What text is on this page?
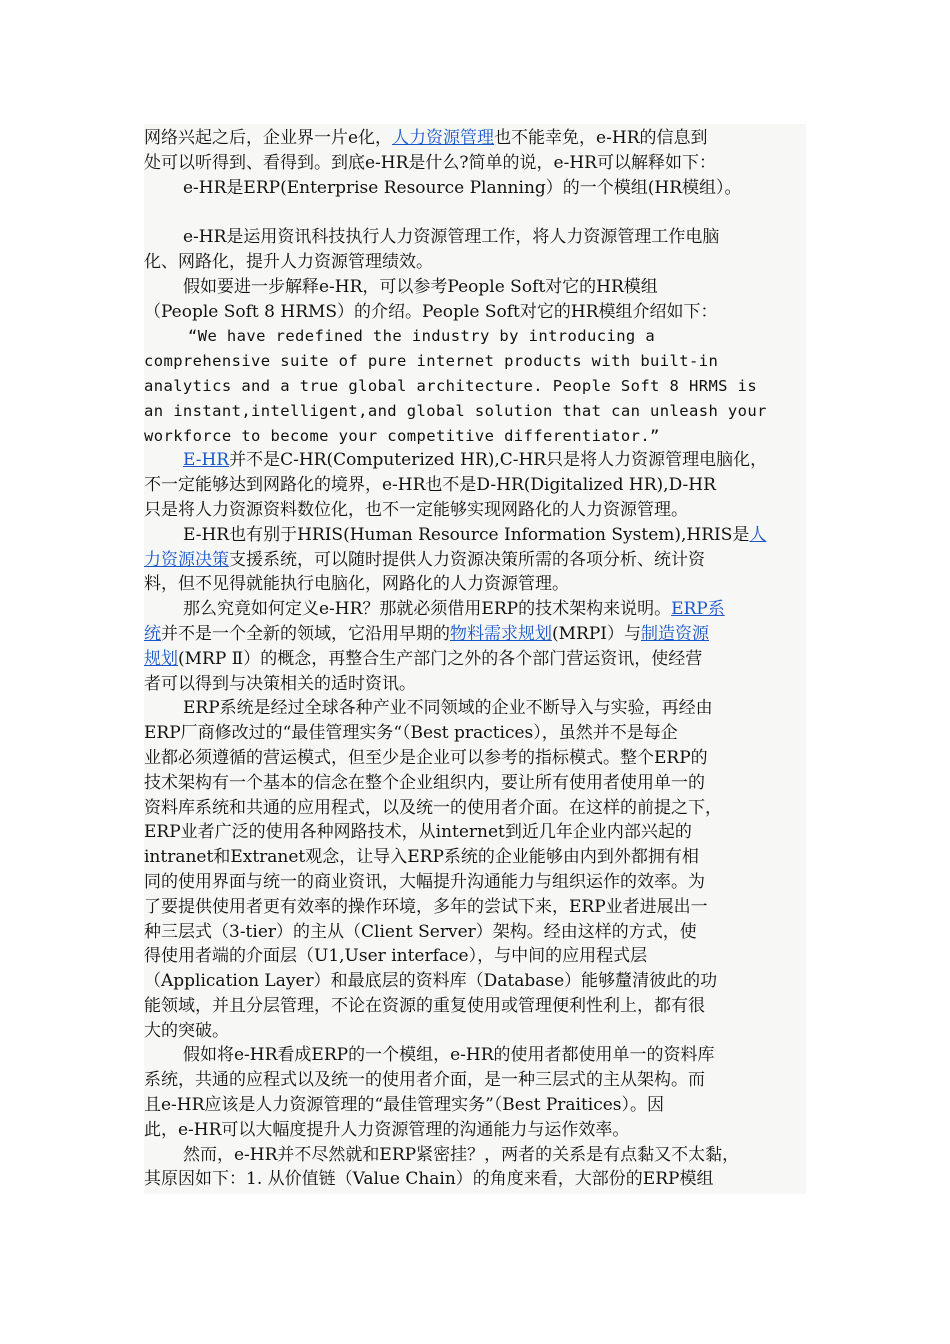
网络兴起之后，企业界一片e化，人力资源管理也不能幸免，e-HR的信息到
处可以听得到、看得到。到底e-HR是什么?简单的说，e-HR可以解释如下：
e-HR是ERP(Enterprise Resource Planning）的一个模组(HR模组）。
e-HR是运用资讯科技执行人力资源管理工作，将人力资源管理工作电脑
化、网路化，提升人力资源管理绩效。
假如要进一步解释e-HR，可以参考People Soft对它的HR模组
（People Soft 8 HRMS）的介绍。People Soft对它的HR模组介绍如下：
“We have redefined the industry by introducing a
comprehensive suite of pure internet products with built-in
analytics and a true global architecture. People Soft 8 HRMS is
an instant,intelligent,and global solution that can unleash your
workforce to become your competitive differentiator.”
E-HR并不是C-HR(Computerized HR),C-HR只是将人力资源管理电脑化，
不一定能够达到网路化的境界，e-HR也不是D-HR(Digitalized HR),D-HR
只是将人力资源资料数位化，也不一定能够实现网路化的人力资源管理。
E-HR也有别于HRIS(Human Resource Information System),HRIS是人
力资源决策支援系统，可以随时提供人力资源决策所需的各项分析、统计资
料，但不见得就能执行电脑化，网路化的人力资源管理。
那么究竟如何定义e-HR？那就必须借用ERP的技术架构来说明。ERP系
统并不是一个全新的领域，它沿用早期的物料需求规划(MRPⅠ）与制造资源
规划(MRP Ⅱ）的概念，再整合生产部门之外的各个部门营运资讯，使经营
者可以得到与决策相关的适时资讯。
ERP系统是经过全球各种产业不同领域的企业不断导入与实验，再经由
ERP厂商修改过的“最佳管理实务“（Best practices），虽然并不是每企
业都必须遵循的营运模式，但至少是企业可以参考的指标模式。整个ERP的
技术架构有一个基本的信念在整个企业组织内，要让所有使用者使用单一的
资料库系统和共通的应用程式，以及统一的使用者介面。在这样的前提之下，
ERP业者广泛的使用各种网路技术，从internet到近几年企业内部兴起的
intranet和Extranet观念，让导入ERP系统的企业能够由内到外都拥有相
同的使用界面与统一的商业资讯，大幅提升沟通能力与组织运作的效率。为
了要提供使用者更有效率的操作环境，多年的尝试下来，ERP业者进展出一
种三层式（3-tier）的主从（Client Server）架构。经由这样的方式，使
得使用者端的介面层（U1,User interface），与中间的应用程式层
（Application Layer）和最底层的资料库（Database）能够釐清彼此的功
能领域，并且分层管理，不论在资源的重复使用或管理便利性利上，都有很
大的突破。
假如将e-HR看成ERP的一个模组，e-HR的使用者都使用单一的资料库
系统，共通的应程式以及统一的使用者介面，是一种三层式的主从架构。而
且e-HR应该是人力资源管理的“最佳管理实务”（Best Praitices）。因
此，e-HR可以大幅度提升人力资源管理的沟通能力与运作效率。
然而，e-HR并不尽然就和ERP紧密挂？，两者的关系是有点黏又不太黏，
其原因如下：1. 从价值链（Value Chain）的角度来看，大部份的ERP模组
